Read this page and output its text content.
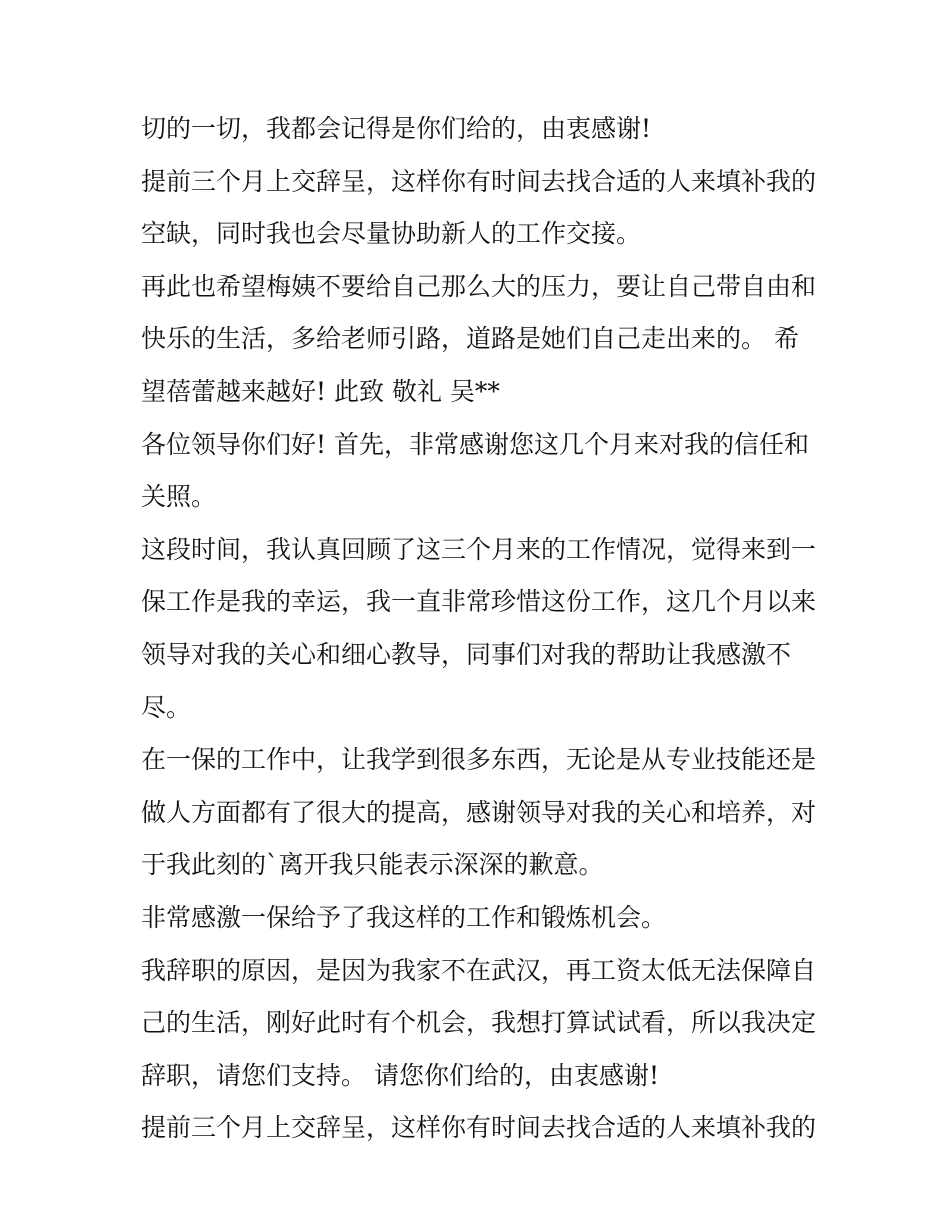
切的一切，我都会记得是你们给的，由衷感谢!
提前三个月上交辞呈，这样你有时间去找合适的人来填补我的
空缺，同时我也会尽量协助新人的工作交接。
再此也希望梅姨不要给自己那么大的压力，要让自己带自由和
快乐的生活，多给老师引路，道路是她们自己走出来的。 希
望蓓蕾越来越好! 此致 敬礼 吴**
各位领导你们好! 首先，非常感谢您这几个月来对我的信任和
关照。
这段时间，我认真回顾了这三个月来的工作情况，觉得来到一
保工作是我的幸运，我一直非常珍惜这份工作，这几个月以来
领导对我的关心和细心教导，同事们对我的帮助让我感激不
尽。
在一保的工作中，让我学到很多东西，无论是从专业技能还是
做人方面都有了很大的提高，感谢领导对我的关心和培养，对
于我此刻的`离开我只能表示深深的歉意。
非常感激一保给予了我这样的工作和锻炼机会。
我辞职的原因，是因为我家不在武汉，再工资太低无法保障自
己的生活，刚好此时有个机会，我想打算试试看，所以我决定
辞职，请您们支持。 请您你们给的，由衷感谢!
提前三个月上交辞呈，这样你有时间去找合适的人来填补我的
